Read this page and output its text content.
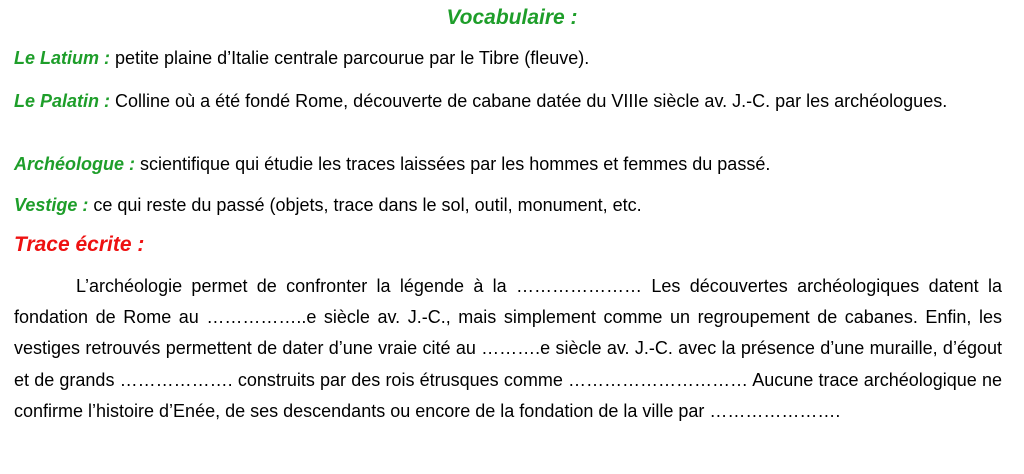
Vocabulaire :
Le Latium : petite plaine d’Italie centrale parcourue par le Tibre (fleuve).
Le Palatin : Colline où a été fondé Rome, découverte de cabane datée du VIIIe siècle av. J.-C. par les archéologues.
Archéologue : scientifique qui étudie les traces laissées par les hommes et femmes du passé.
Vestige : ce qui reste du passé (objets, trace dans le sol, outil, monument, etc.
Trace écrite :

L’archéologie permet de confronter la légende à la ………………… Les découvertes archéologiques datent la fondation de Rome au ……………..e siècle av. J.-C., mais simplement comme un regroupement de cabanes. Enfin, les vestiges retrouvés permettent de dater d’une vraie cité au ……….e siècle av. J.-C. avec la présence d’une muraille, d’égout et de grands ………………. construits par des rois étrusques comme ………………………… Aucune trace archéologique ne confirme l’histoire d’Enée, de ses descendants ou encore de la fondation de la ville par ………………….
